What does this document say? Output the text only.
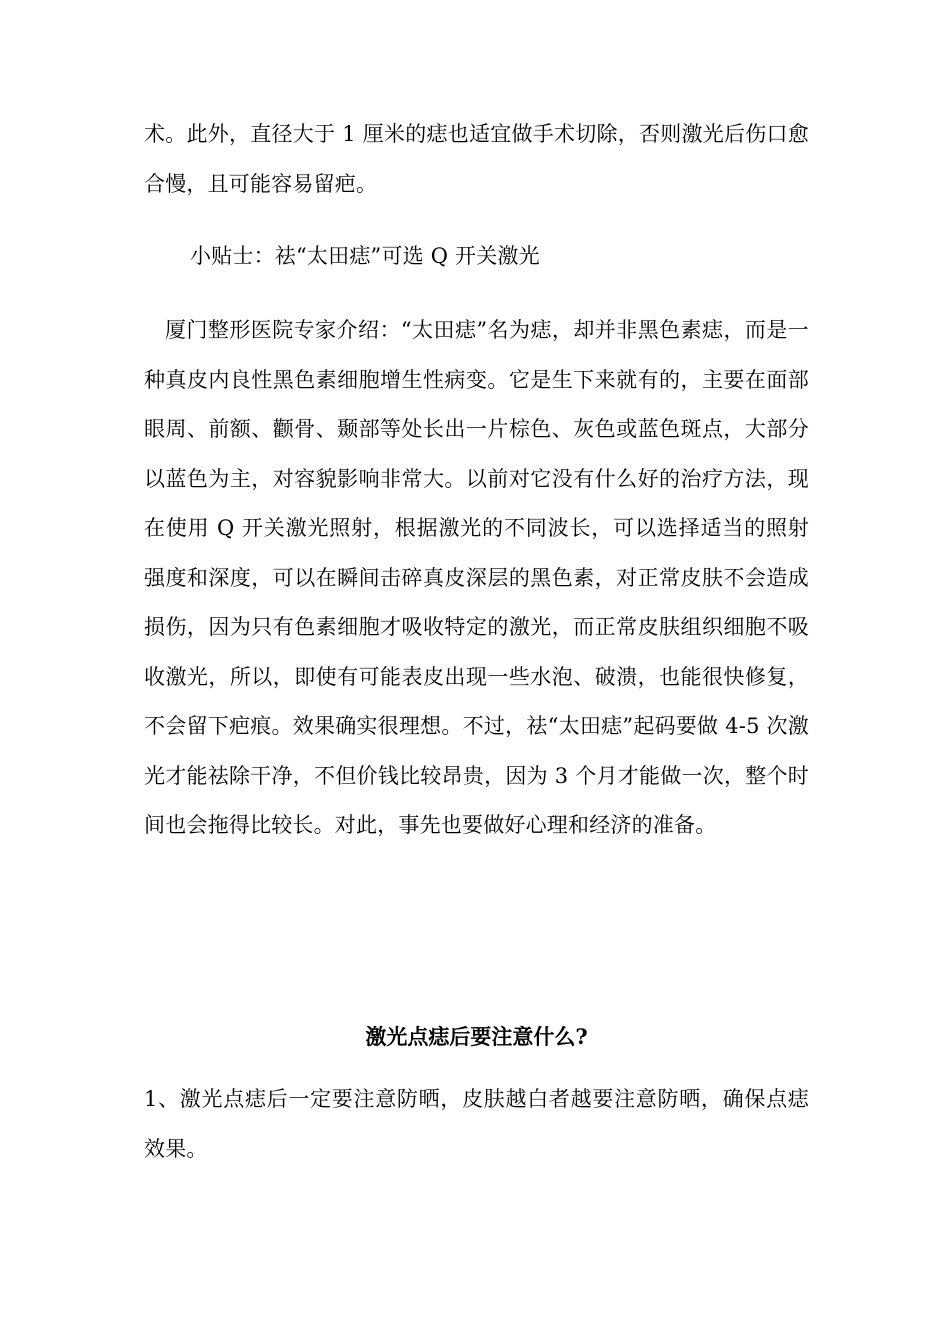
术。此外，直径大于 1 厘米的痣也适宜做手术切除，否则激光后伤口愈合慢，且可能容易留疤。

小贴士：祛“太田痣”可选 Q 开关激光

厦门整形医院专家介绍：“太田痣”名为痣，却并非黑色素痣，而是一种真皮内良性黑色素细胞增生性病变。它是生下来就有的，主要在面部眼周、前额、颧骨、颞部等处长出一片棕色、灰色或蓝色斑点，大部分以蓝色为主，对容貌影响非常大。以前对它没有什么好的治疗方法，现在使用 Q 开关激光照射，根据激光的不同波长，可以选择适当的照射强度和深度，可以在瞬间击碎真皮深层的黑色素，对正常皮肤不会造成损伤，因为只有色素细胞才吸收特定的激光，而正常皮肤组织细胞不吸收激光，所以，即使有可能表皮出现一些水泡、破溃，也能很快修复，不会留下疤痕。效果确实很理想。不过，祛“太田痣”起码要做 4-5 次激光才能祛除干净，不但价钱比较昂贵，因为 3 个月才能做一次，整个时间也会拖得比较长。对此，事先也要做好心理和经济的准备。

激光点痣后要注意什么?

1、激光点痣后一定要注意防晒，皮肤越白者越要注意防晒，确保点痣效果。
